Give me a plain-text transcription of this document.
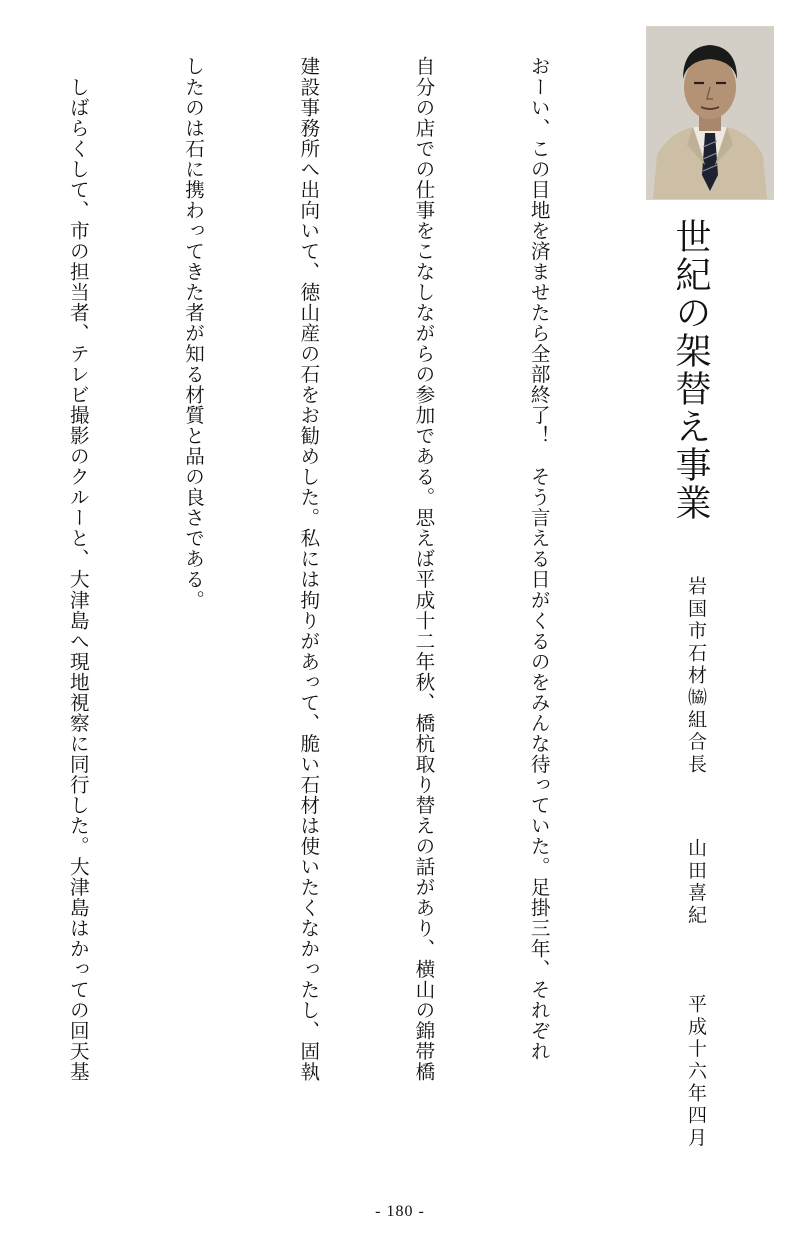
世紀の架替え事業
岩国市石材㈿組合長
山田喜紀
平成十六年四月

おーい、この目地を済ませたら全部終了！　そう言える日がくるのをみんな待っていた。足掛三年、それぞれ

自分の店での仕事をこなしながらの参加である。思えば平成十二年秋、橋杭取り替えの話があり、横山の錦帯橋

建設事務所へ出向いて、徳山産の石をお勧めした。私には拘りがあって、脆い石材は使いたくなかったし、固執

したのは石に携わってきた者が知る材質と品の良さである。

　しばらくして、市の担当者、テレビ撮影のクルーと、大津島へ現地視察に同行した。大津島はかっての回天基

- 180 -
